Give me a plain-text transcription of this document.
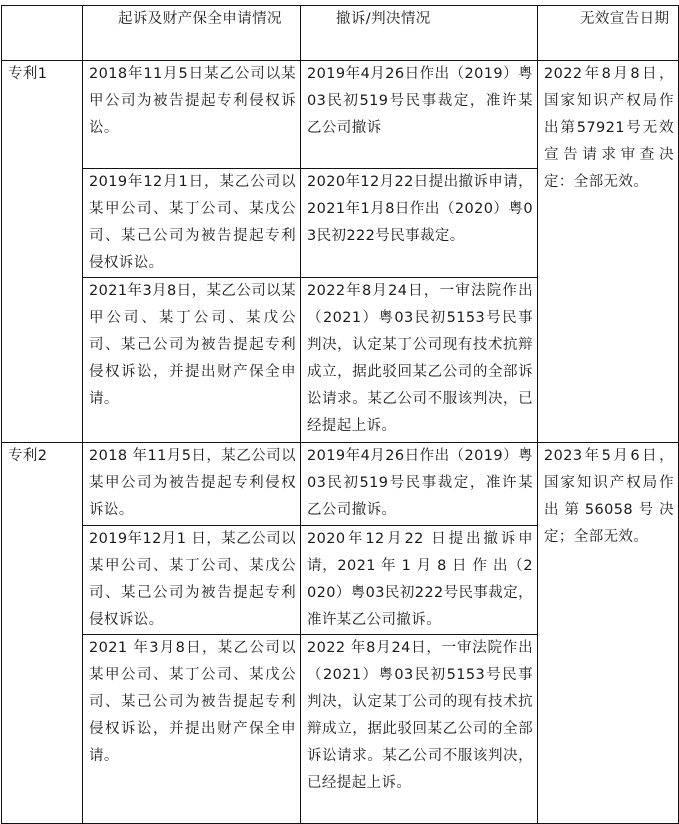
	起诉及财产保全申请情况	撤诉/判决情况	无效宣告日期
专利1	2018年11月5日某乙公司以某甲公司为被告提起专利侵权诉讼。	2019年4月26日作出（2019）粤03民初519号民事裁定，准许某乙公司撤诉	2022年8月8日，国家知识产权局作出第57921号无效宣告请求审查决定：全部无效。
	2019年12月1日，某乙公司以某甲公司、某丁公司、某戊公司、某己公司为被告提起专利侵权诉讼。	2020年12月22日提出撤诉申请，2021年1月8日作出（2020）粤03民初222号民事裁定。	
	2021年3月8日，某乙公司以某甲公司、某丁公司、某戊公司、某己公司为被告提起专利侵权诉讼，并提出财产保全申请。	2022年8月24日，一审法院作出（2021）粤03民初5153号民事判决，认定某丁公司现有技术抗辩成立，据此驳回某乙公司的全部诉讼请求。某乙公司不服该判决，已经提起上诉。	
专利2	2018 年11月5日，某乙公司以某甲公司为被告提起专利侵权诉讼。	2019年4月26日作出（2019）粤03民初519号民事裁定，准许某乙公司撤诉。	2023年5月6日，国家知识产权局作出第56058号决定；全部无效。
	2019年12月1 日，某乙公司以某甲公司、某丁公司、某戊公司、某己公司为被告提起专利侵权诉讼。	2020年12月22 日提出撤诉申请，2021 年 1 月 8 日 作 出（2020）粤03民初222号民事裁定，准许某乙公司撤诉。	
	2021 年3月8日，某乙公司以某甲公司、某丁公司、某戊公司、某己公司为被告提起专利侵权诉讼，并提出财产保全申请。	2022 年8月24日，一审法院作出（2021）粤03民初5153号民事判决，认定某丁公司的现有技术抗辩成立，据此驳回某乙公司的全部诉讼请求。某乙公司不服该判决，已经提起上诉。	
